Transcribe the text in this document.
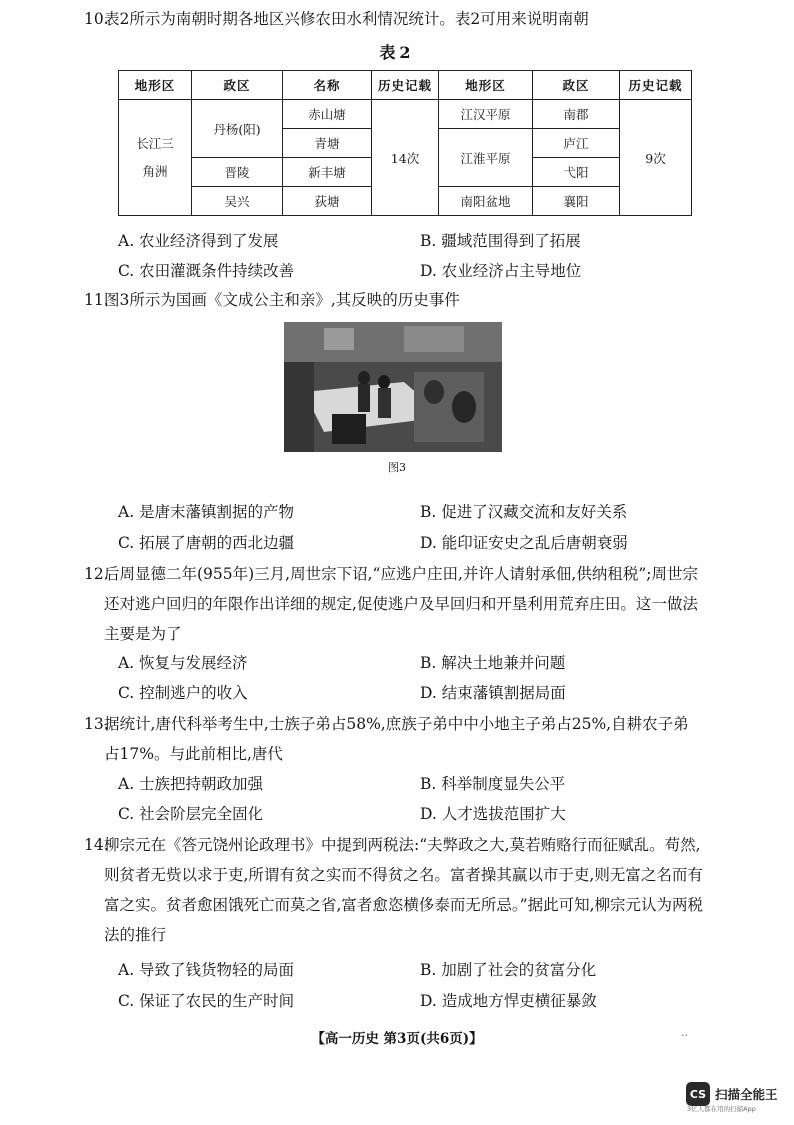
10.
表2所示为南朝时期各地区兴修农田水利情况统计。表2可用来说明南朝
表2
地形区	政区	名称	历史记载	地形区	政区	历史记载
长江三角洲	丹杨(阳)	赤山塘	14次	江汉平原	南郡	9次
		青塘		江淮平原	庐江	
	晋陵	新丰塘			弋阳	
	吴兴	荻塘		南阳盆地	襄阳	
A. 农业经济得到了发展	B. 疆域范围得到了拓展
C. 农田灌溉条件持续改善	D. 农业经济占主导地位
11.
图3所示为国画《文成公主和亲》,其反映的历史事件
图3
A. 是唐末藩镇割据的产物	B. 促进了汉藏交流和友好关系
C. 拓展了唐朝的西北边疆	D. 能印证安史之乱后唐朝衰弱
12.
后周显德二年(955年)三月,周世宗下诏,“应逃户庄田,并许人请射承佃,供纳租税”;周世宗还对逃户回归的年限作出详细的规定,促使逃户及早回归和开垦利用荒弃庄田。这一做法主要是为了
A. 恢复与发展经济	B. 解决土地兼并问题
C. 控制逃户的收入	D. 结束藩镇割据局面
13.
据统计,唐代科举考生中,士族子弟占58%,庶族子弟中中小地主子弟占25%,自耕农子弟占17%。与此前相比,唐代
A. 士族把持朝政加强	B. 科举制度显失公平
C. 社会阶层完全固化	D. 人才选拔范围扩大
14.
柳宗元在《答元饶州论政理书》中提到两税法:“夫弊政之大,莫若贿赂行而征赋乱。苟然,则贫者无赀以求于吏,所谓有贫之实而不得贫之名。富者操其赢以市于吏,则无富之名而有富之实。贫者愈困饿死亡而莫之省,富者愈恣横侈泰而无所忌。”据此可知,柳宗元认为两税法的推行
A. 导致了钱货物轻的局面	B. 加剧了社会的贫富分化
C. 保证了农民的生产时间	D. 造成地方悍吏横征暴敛
【高一历史 第3页(共6页)】	··
CS 扫描全能王
3亿人都在用的扫描App
